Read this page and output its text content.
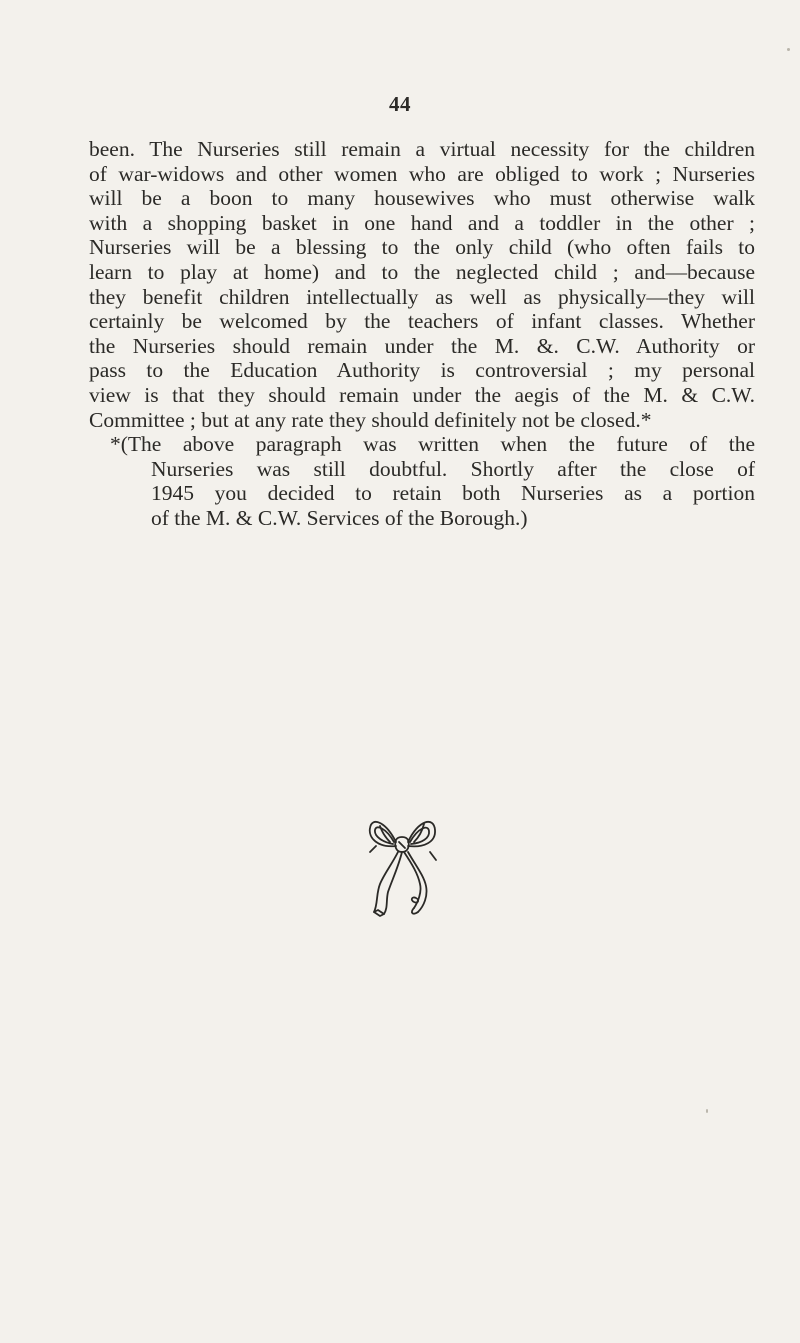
44

been. The Nurseries still remain a virtual necessity for the children
of war-widows and other women who are obliged to work ; Nurseries
will be a boon to many housewives who must otherwise walk
with a shopping basket in one hand and a toddler in the other ;
Nurseries will be a blessing to the only child (who often fails to
learn to play at home) and to the neglected child ; and—because
they benefit children intellectually as well as physically—they will
certainly be welcomed by the teachers of infant classes. Whether
the Nurseries should remain under the M. &. C.W. Authority or
pass to the Education Authority is controversial ; my personal
view is that they should remain under the aegis of the M. & C.W.
Committee ; but at any rate they should definitely not be closed.*

*(The above paragraph was written when the future of the
Nurseries was still doubtful. Shortly after the close of
1945 you decided to retain both Nurseries as a portion
of the M. & C.W. Services of the Borough.)
